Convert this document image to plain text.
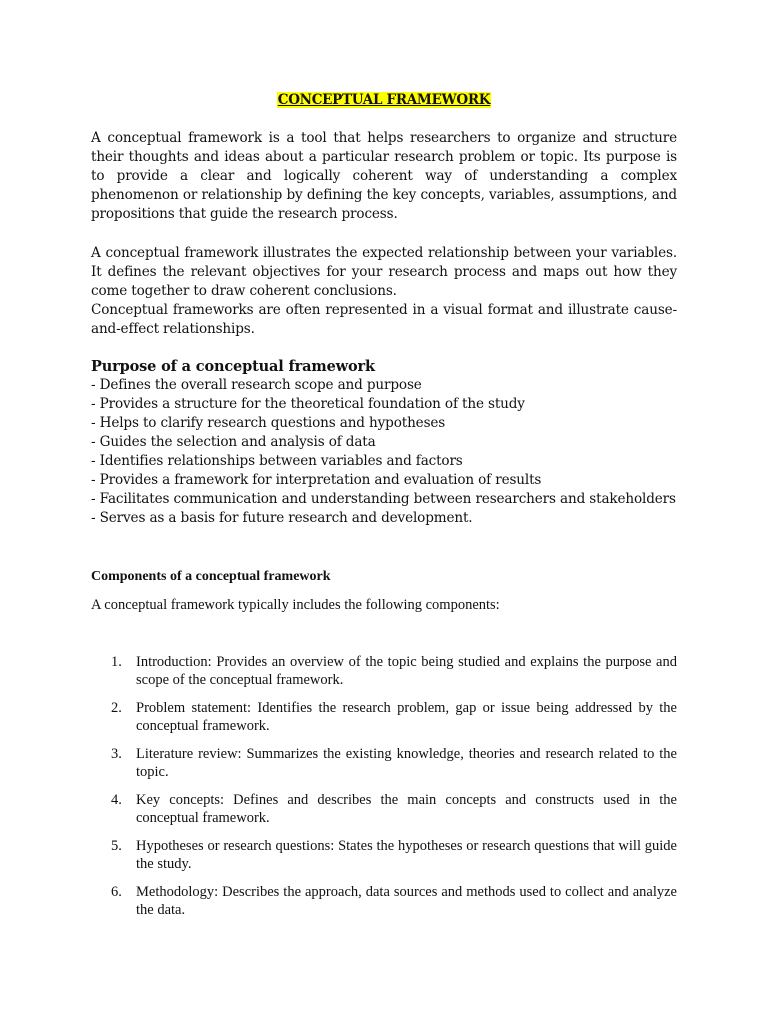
CONCEPTUAL FRAMEWORK

A conceptual framework is a tool that helps researchers to organize and structure their thoughts and ideas about a particular research problem or topic. Its purpose is to provide a clear and logically coherent way of understanding a complex phenomenon or relationship by defining the key concepts, variables, assumptions, and propositions that guide the research process.

A conceptual framework illustrates the expected relationship between your variables. It defines the relevant objectives for your research process and maps out how they come together to draw coherent conclusions.

Conceptual frameworks are often represented in a visual format and illustrate cause-and-effect relationships.

Purpose of a conceptual framework
- Defines the overall research scope and purpose
- Provides a structure for the theoretical foundation of the study
- Helps to clarify research questions and hypotheses
- Guides the selection and analysis of data
- Identifies relationships between variables and factors
- Provides a framework for interpretation and evaluation of results
- Facilitates communication and understanding between researchers and stakeholders
- Serves as a basis for future research and development.
Components of a conceptual framework

A conceptual framework typically includes the following components:

1. Introduction: Provides an overview of the topic being studied and explains the purpose and scope of the conceptual framework.
2. Problem statement: Identifies the research problem, gap or issue being addressed by the conceptual framework.
3. Literature review: Summarizes the existing knowledge, theories and research related to the topic.
4. Key concepts: Defines and describes the main concepts and constructs used in the conceptual framework.
5. Hypotheses or research questions: States the hypotheses or research questions that will guide the study.
6. Methodology: Describes the approach, data sources and methods used to collect and analyze the data.
